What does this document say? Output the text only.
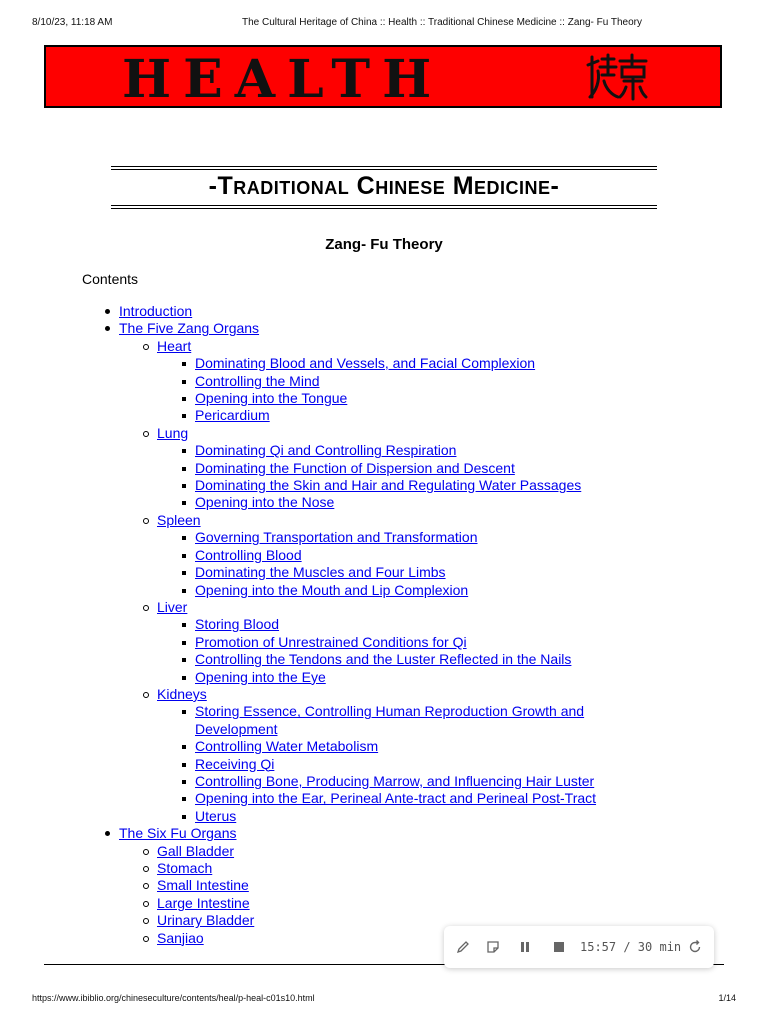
8/10/23, 11:18 AM	The Cultural Heritage of China :: Health :: Traditional Chinese Medicine :: Zang- Fu Theory
HEALTH
-Traditional Chinese Medicine-
Zang- Fu Theory
Contents
Introduction
The Five Zang Organs
Heart
Dominating Blood and Vessels, and Facial Complexion
Controlling the Mind
Opening into the Tongue
Pericardium
Lung
Dominating Qi and Controlling Respiration
Dominating the Function of Dispersion and Descent
Dominating the Skin and Hair and Regulating Water Passages
Opening into the Nose
Spleen
Governing Transportation and Transformation
Controlling Blood
Dominating the Muscles and Four Limbs
Opening into the Mouth and Lip Complexion
Liver
Storing Blood
Promotion of Unrestrained Conditions for Qi
Controlling the Tendons and the Luster Reflected in the Nails
Opening into the Eye
Kidneys
Storing Essence, Controlling Human Reproduction Growth and Development
Controlling Water Metabolism
Receiving Qi
Controlling Bone, Producing Marrow, and Influencing Hair Luster
Opening into the Ear, Perineal Ante-tract and Perineal Post-Tract
Uterus
The Six Fu Organs
Gall Bladder
Stomach
Small Intestine
Large Intestine
Urinary Bladder
Sanjiao
15:57 / 30 min
https://www.ibiblio.org/chineseculture/contents/heal/p-heal-c01s10.html	1/14
